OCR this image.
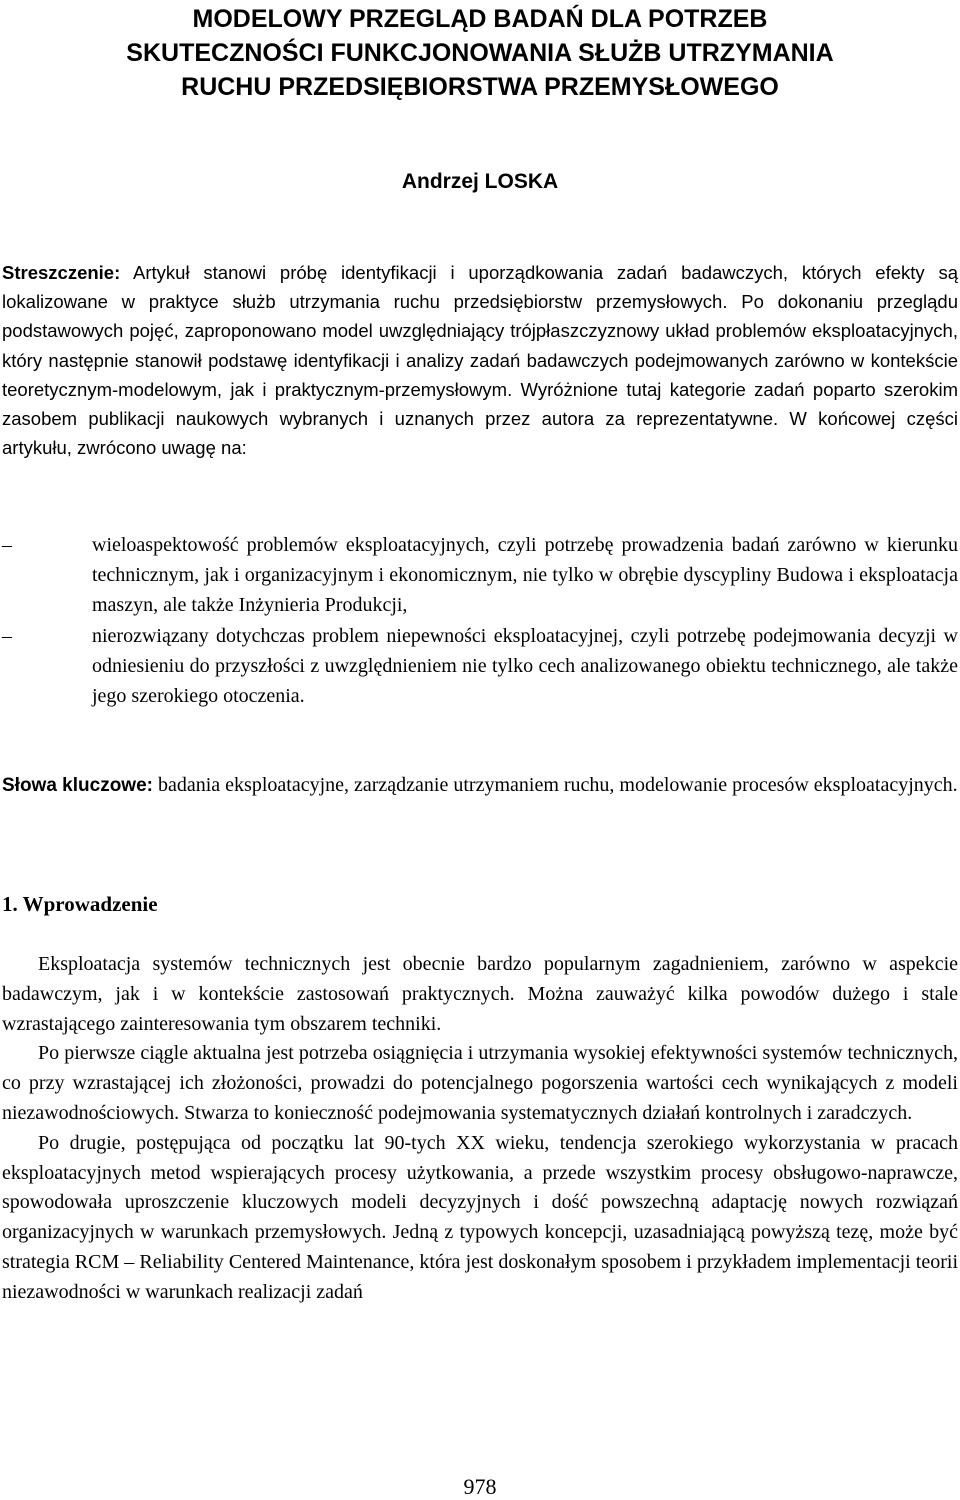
MODELOWY PRZEGLĄD BADAŃ DLA POTRZEB
SKUTECZNOŚCI FUNKCJONOWANIA SŁUŻB UTRZYMANIA
RUCHU PRZEDSIĘBIORSTWA PRZEMYSŁOWEGO

Andrzej LOSKA

Streszczenie: Artykuł stanowi próbę identyfikacji i uporządkowania zadań badawczych, których efekty są lokalizowane w praktyce służb utrzymania ruchu przedsiębiorstw przemysłowych. Po dokonaniu przeglądu podstawowych pojęć, zaproponowano model uwzględniający trójpłaszczyznowy układ problemów eksploatacyjnych, który następnie stanowił podstawę identyfikacji i analizy zadań badawczych podejmowanych zarówno w kontekście teoretycznym-modelowym, jak i praktycznym-przemysłowym. Wyróżnione tutaj kategorie zadań poparto szerokim zasobem publikacji naukowych wybranych i uznanych przez autora za reprezentatywne. W końcowej części artykułu, zwrócono uwagę na:

–	wieloaspektowość problemów eksploatacyjnych, czyli potrzebę prowadzenia badań zarówno w kierunku technicznym, jak i organizacyjnym i ekonomicznym, nie tylko w obrębie dyscypliny Budowa i eksploatacja maszyn, ale także Inżynieria Produkcji,
–	nierozwiązany dotychczas problem niepewności eksploatacyjnej, czyli potrzebę podejmowania decyzji w odniesieniu do przyszłości z uwzględnieniem nie tylko cech analizowanego obiektu technicznego, ale także jego szerokiego otoczenia.

Słowa kluczowe: badania eksploatacyjne, zarządzanie utrzymaniem ruchu, modelowanie procesów eksploatacyjnych.

1. Wprowadzenie

Eksploatacja systemów technicznych jest obecnie bardzo popularnym zagadnieniem, zarówno w aspekcie badawczym, jak i w kontekście zastosowań praktycznych. Można zauważyć kilka powodów dużego i stale wzrastającego zainteresowania tym obszarem techniki.

Po pierwsze ciągle aktualna jest potrzeba osiągnięcia i utrzymania wysokiej efektywności systemów technicznych, co przy wzrastającej ich złożoności, prowadzi do potencjalnego pogorszenia wartości cech wynikających z modeli niezawodnościowych. Stwarza to konieczność podejmowania systematycznych działań kontrolnych i zaradczych.

Po drugie, postępująca od początku lat 90-tych XX wieku, tendencja szerokiego wykorzystania w pracach eksploatacyjnych metod wspierających procesy użytkowania, a przede wszystkim procesy obsługowo-naprawcze, spowodowała uproszczenie kluczowych modeli decyzyjnych i dość powszechną adaptację nowych rozwiązań organizacyjnych w warunkach przemysłowych. Jedną z typowych koncepcji, uzasadniającą powyższą tezę, może być strategia RCM – Reliability Centered Maintenance, która jest doskonałym sposobem i przykładem implementacji teorii niezawodności w warunkach realizacji zadań

978
